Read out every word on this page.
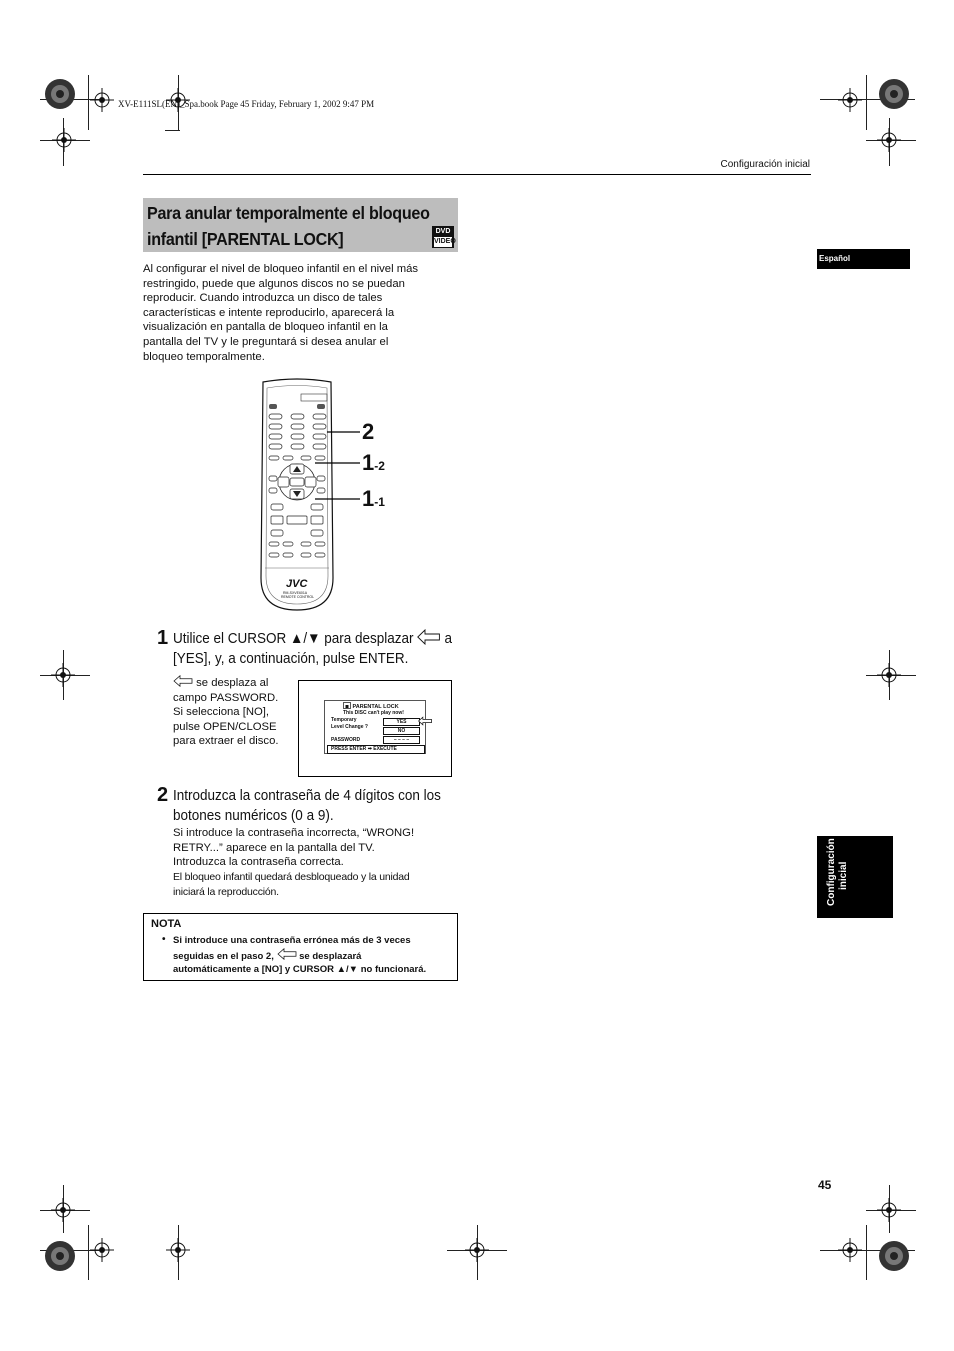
XV-E111SL(EN)_Spa.book Page 45 Friday, February 1, 2002 9:47 PM
Configuración inicial
Para anular temporalmente el bloqueo
infantil [PARENTAL LOCK]	DVD
VIDEO
Al configurar el nivel de bloqueo infantil en el nivel más
restringido, puede que algunos discos no se puedan
reproducir. Cuando introduzca un disco de tales
características e intente reproducirlo, aparecerá la
visualización en pantalla de bloqueo infantil en la
pantalla del TV y le preguntará si desea anular el
bloqueo temporalmente.
Español
Configuración
inicial
JVC
RM-SXVE601A
REMOTE CONTROL
2
1-2
1-1
1 Utilice el CURSOR ▲/▼ para desplazar a
[YES], y, a continuación, pulse ENTER.
se desplaza al
campo PASSWORD.
Si selecciona [NO],
pulse OPEN/CLOSE
para extraer el disco.
PARENTAL LOCK
This DISC can't play now!
Temporary
Level Change ?
YES
NO
PASSWORD	– – – –
PRESS ENTER ➡ EXECUTE
2 Introduzca la contraseña de 4 dígitos con los
botones numéricos (0 a 9).
Si introduce la contraseña incorrecta, “WRONG!
RETRY...” aparece en la pantalla del TV.
Introduzca la contraseña correcta.
El bloqueo infantil quedará desbloqueado y la unidad
iniciará la reproducción.
NOTA
• Si introduce una contraseña errónea más de 3 veces
seguidas en el paso 2,	se desplazará
automáticamente a [NO] y CURSOR ▲/▼ no funcionará.
45
